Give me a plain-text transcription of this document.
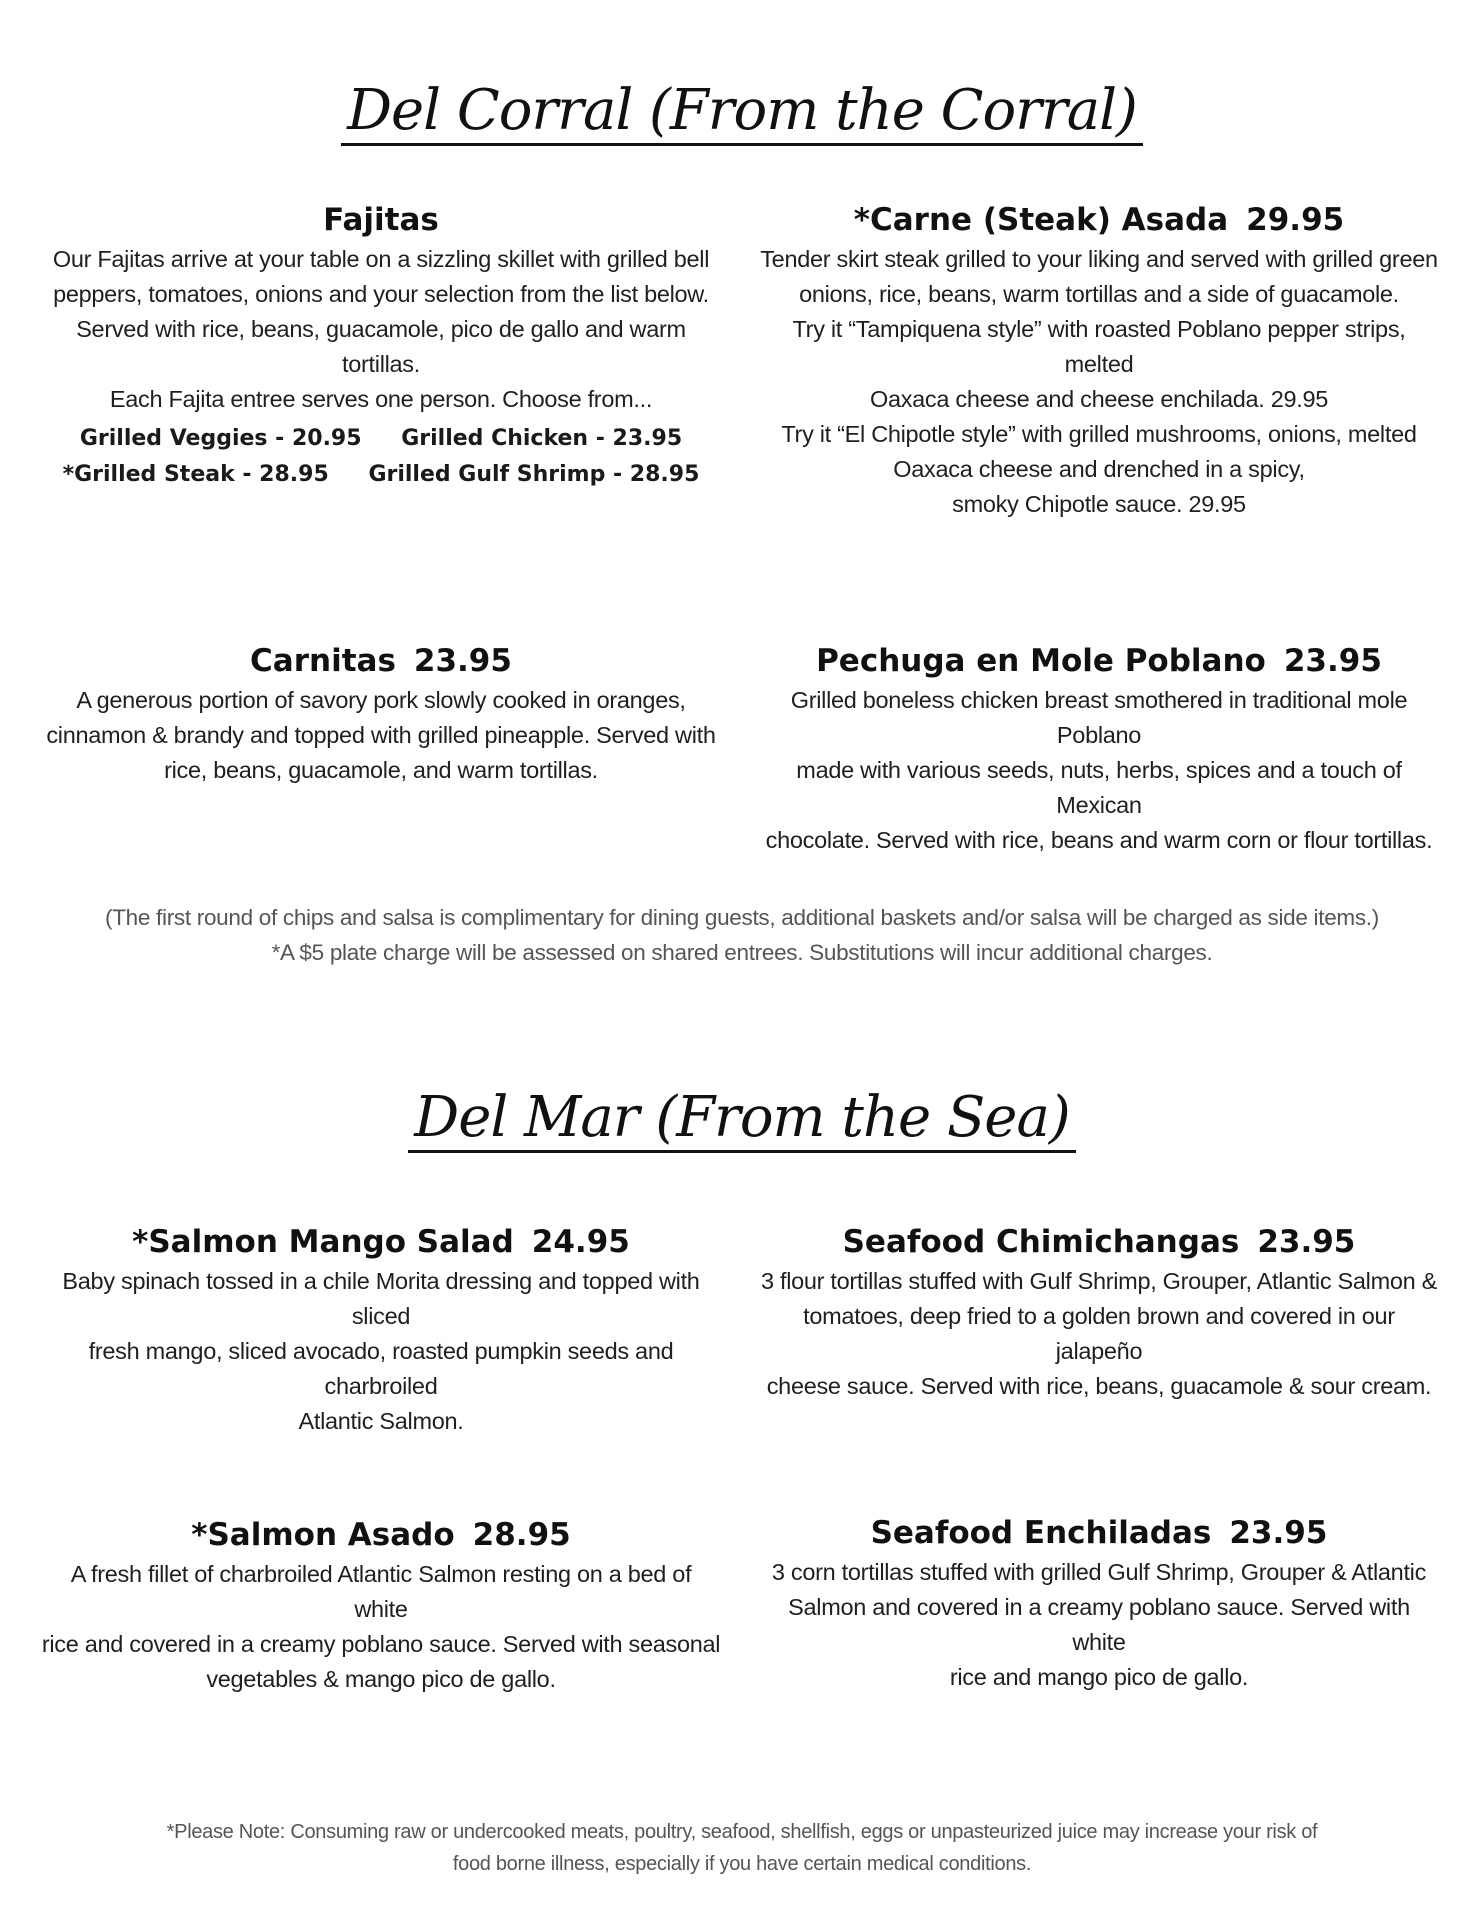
Del Corral (From the Corral)
Fajitas

Our Fajitas arrive at your table on a sizzling skillet with grilled bell
peppers, tomatoes, onions and your selection from the list below.
Served with rice, beans, guacamole, pico de gallo and warm tortillas.
Each Fajita entree serves one person. Choose from...

Grilled Veggies - 20.95 Grilled Chicken - 23.95
*Grilled Steak - 28.95 Grilled Gulf Shrimp - 28.95
*Carne (Steak) Asada 29.95

Tender skirt steak grilled to your liking and served with grilled green
onions, rice, beans, warm tortillas and a side of guacamole.
Try it “Tampiquena style” with roasted Poblano pepper strips, melted
Oaxaca cheese and cheese enchilada. 29.95
Try it “El Chipotle style” with grilled mushrooms, onions, melted
Oaxaca cheese and drenched in a spicy,
smoky Chipotle sauce. 29.95

Carnitas 23.95

A generous portion of savory pork slowly cooked in oranges,
cinnamon & brandy and topped with grilled pineapple. Served with
rice, beans, guacamole, and warm tortillas.

Pechuga en Mole Poblano 23.95

Grilled boneless chicken breast smothered in traditional mole Poblano
made with various seeds, nuts, herbs, spices and a touch of Mexican
chocolate. Served with rice, beans and warm corn or flour tortillas.

(The first round of chips and salsa is complimentary for dining guests, additional baskets and/or salsa will be charged as side items.)
*A $5 plate charge will be assessed on shared entrees. Substitutions will incur additional charges.
Del Mar (From the Sea)
*Salmon Mango Salad 24.95

Baby spinach tossed in a chile Morita dressing and topped with sliced
fresh mango, sliced avocado, roasted pumpkin seeds and charbroiled
Atlantic Salmon.

Seafood Chimichangas 23.95

3 flour tortillas stuffed with Gulf Shrimp, Grouper, Atlantic Salmon &
tomatoes, deep fried to a golden brown and covered in our jalapeño
cheese sauce. Served with rice, beans, guacamole & sour cream.

*Salmon Asado 28.95

A fresh fillet of charbroiled Atlantic Salmon resting on a bed of white
rice and covered in a creamy poblano sauce. Served with seasonal
vegetables & mango pico de gallo.

Seafood Enchiladas 23.95

3 corn tortillas stuffed with grilled Gulf Shrimp, Grouper & Atlantic
Salmon and covered in a creamy poblano sauce. Served with white
rice and mango pico de gallo.

*Please Note: Consuming raw or undercooked meats, poultry, seafood, shellfish, eggs or unpasteurized juice may increase your risk of
food borne illness, especially if you have certain medical conditions.
